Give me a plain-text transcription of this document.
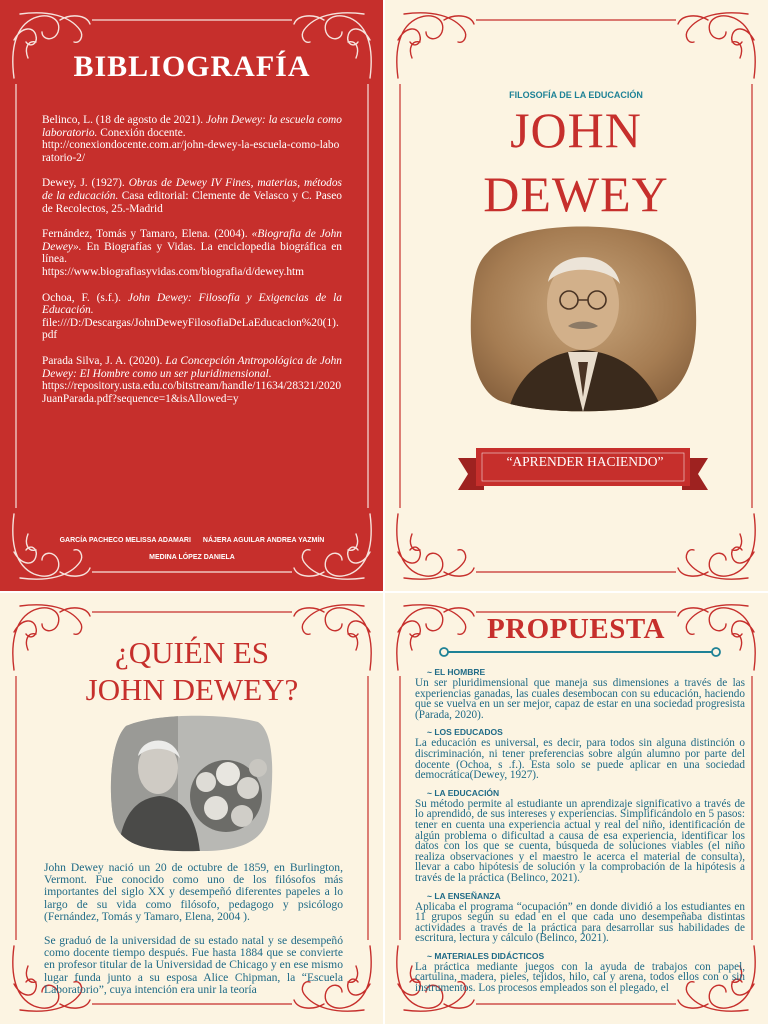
BIBLIOGRAFÍA
Belinco, L. (18 de agosto de 2021). John Dewey: la escuela como laboratorio. Conexión docente.
http://conexiondocente.com.ar/john-dewey-la-escuela-como-laboratorio-2/
Dewey, J. (1927). Obras de Dewey IV Fines, materias, métodos de la educación. Casa editorial: Clemente de Velasco y C. Paseo de Recolectos, 25.-Madrid
Fernández, Tomás y Tamaro, Elena. (2004). «Biografia de John Dewey». En Biografías y Vidas. La enciclopedia biográfica en línea.
https://www.biografiasyvidas.com/biografia/d/dewey.htm
Ochoa, F. (s.f.). John Dewey: Filosofía y Exigencias de la Educación.
file:///D:/Descargas/JohnDeweyFilosofiaDeLaEducacion%20(1).pdf
Parada Silva, J. A. (2020). La Concepción Antropológica de John Dewey: El Hombre como un ser pluridimensional.
https://repository.usta.edu.co/bitstream/handle/11634/28321/2020JuanParada.pdf?sequence=1&isAllowed=y
GARCÍA PACHECO MELISSA ADAMARI NÁJERA AGUILAR ANDREA YAZMÍN
MEDINA LÓPEZ DANIELA
FILOSOFÍA DE LA EDUCACIÓN
JOHN
DEWEY
“APRENDER HACIENDO”
¿QUIÉN ES
JOHN DEWEY?

John Dewey nació un 20 de octubre de 1859, en Burlington, Vermont. Fue conocido como uno de los filósofos más importantes del siglo XX y desempeñó diferentes papeles a lo largo de su vida como filósofo, pedagogo y psicólogo (Fernández, Tomás y Tamaro, Elena, 2004 ).

Se graduó de la universidad de su estado natal y se desempeñó como docente tiempo después. Fue hasta 1884 que se convierte en profesor titular de la Universidad de Chicago y en ese mismo lugar funda junto a su esposa Alice Chipman, la “Escuela Laboratorio”, cuya intención era unir la teoría

PROPUESTA
~ EL HOMBRE
Un ser pluridimensional que maneja sus dimensiones a través de las experiencias ganadas, las cuales desembocan con su educación, haciendo que se vuelva en un ser mejor, capaz de estar en una sociedad progresista (Parada, 2020).
~ LOS EDUCADOS
La educación es universal, es decir, para todos sin alguna distinción o discriminación, ni tener preferencias sobre algún alumno por parte del docente (Ochoa, s .f.). Esta solo se puede aplicar en una sociedad democrática(Dewey, 1927).
~ LA EDUCACIÓN
Su método permite al estudiante un aprendizaje significativo a través de lo aprendido, de sus intereses y experiencias. Simplificándolo en 5 pasos: tener en cuenta una experiencia actual y real del niño, identificación de algún problema o dificultad a causa de esa experiencia, identificar los datos con los que se cuenta, búsqueda de soluciones viables (el niño realiza observaciones y el maestro le acerca el material de consulta), llevar a cabo hipótesis de solución y la comprobación de la hipótesis a través de la práctica (Belinco, 2021).
~ LA ENSEÑANZA
Aplicaba el programa “ocupación” en donde dividió a los estudiantes en 11 grupos según su edad en el que cada uno desempeñaba distintas actividades a través de la práctica para desarrollar sus habilidades de escritura, lectura y cálculo (Belinco, 2021).
~ MATERIALES DIDÁCTICOS
La práctica mediante juegos con la ayuda de trabajos con papel, cartulina, madera, pieles, tejidos, hilo, cal y arena, todos ellos con o sin instrumentos. Los procesos empleados son el plegado, el
